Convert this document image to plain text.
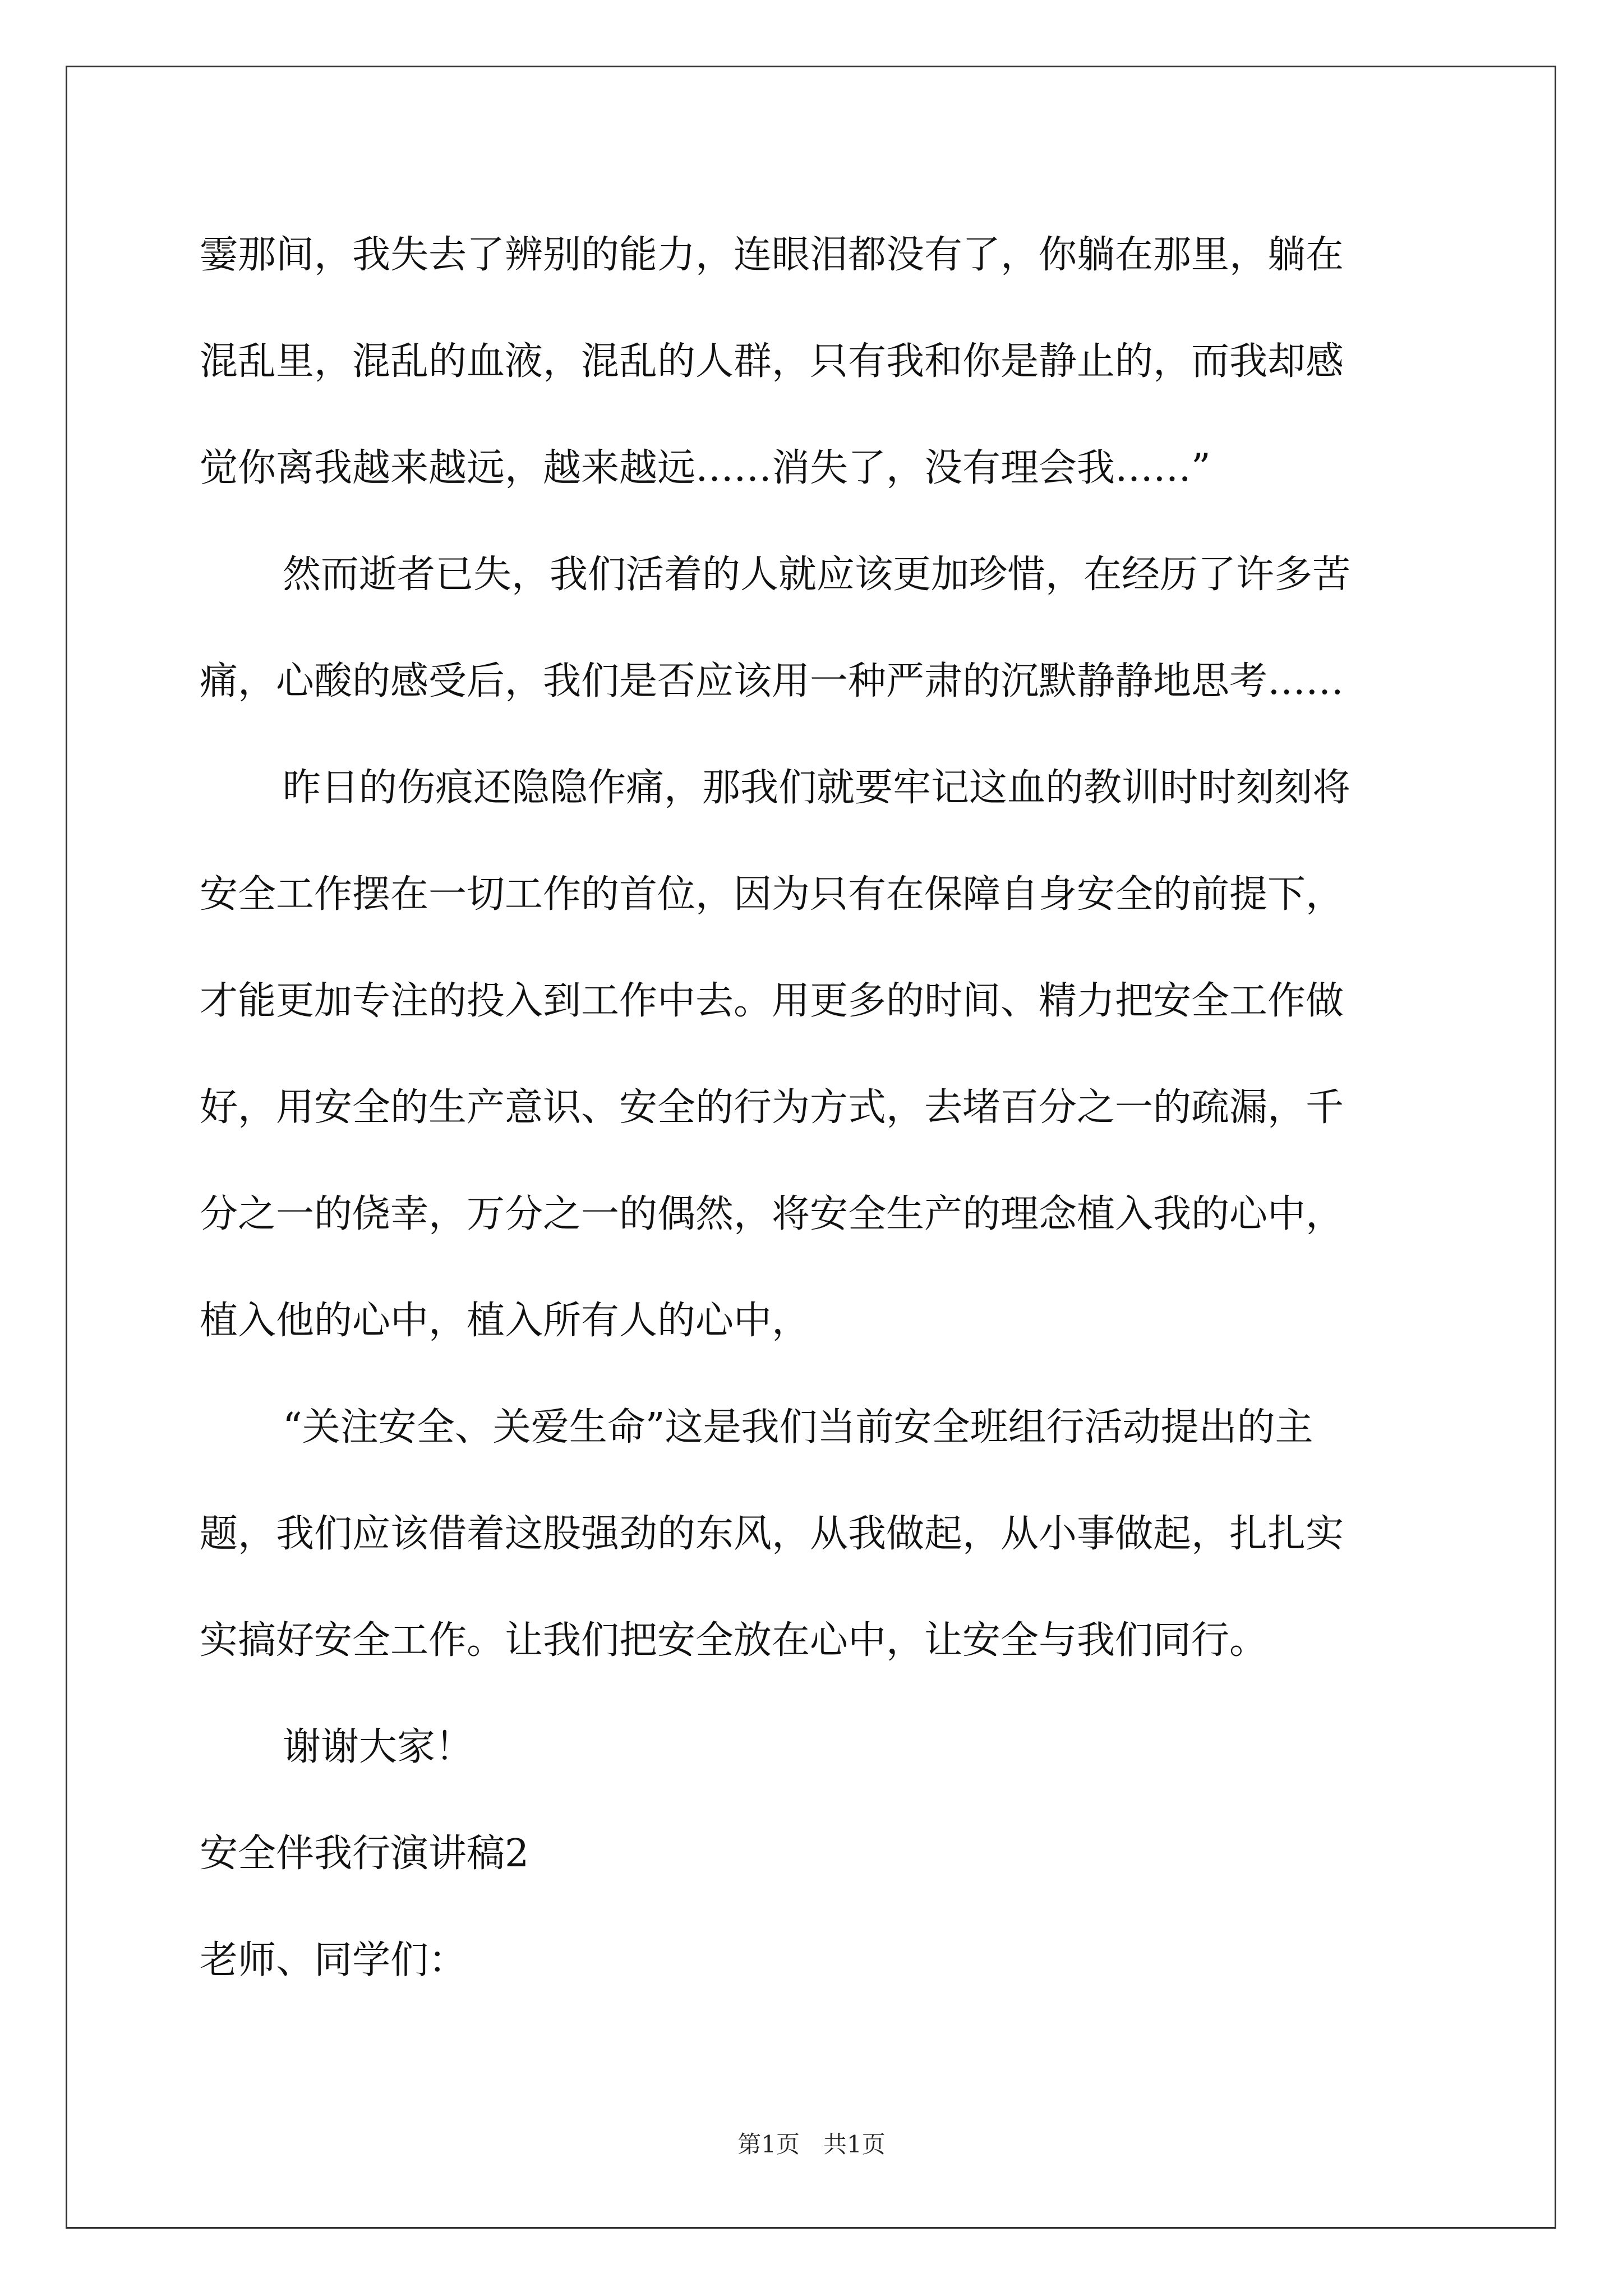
霎那间，我失去了辨别的能力，连眼泪都没有了，你躺在那里，躺在
混乱里，混乱的血液，混乱的人群，只有我和你是静止的，而我却感
觉你离我越来越远，越来越远……消失了，没有理会我……”
然而逝者已失，我们活着的人就应该更加珍惜，在经历了许多苦
痛，心酸的感受后，我们是否应该用一种严肃的沉默静静地思考……
昨日的伤痕还隐隐作痛，那我们就要牢记这血的教训时时刻刻将
安全工作摆在一切工作的首位，因为只有在保障自身安全的前提下，
才能更加专注的投入到工作中去。用更多的时间、精力把安全工作做
好，用安全的生产意识、安全的行为方式，去堵百分之一的疏漏，千
分之一的侥幸，万分之一的偶然，将安全生产的理念植入我的心中，
植入他的心中，植入所有人的心中，
“关注安全、关爱生命”这是我们当前安全班组行活动提出的主
题，我们应该借着这股强劲的东风，从我做起，从小事做起，扎扎实
实搞好安全工作。让我们把安全放在心中，让安全与我们同行。
谢谢大家！
安全伴我行演讲稿2
老师、同学们：
第1页　共1页
